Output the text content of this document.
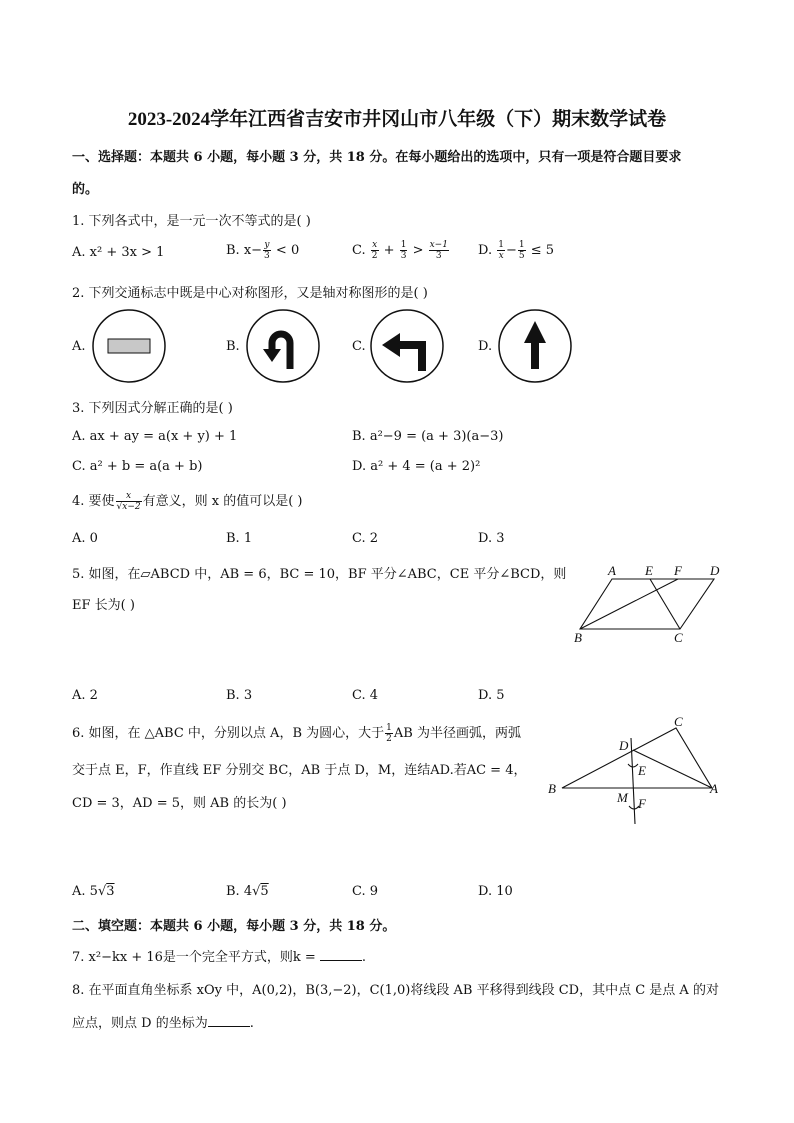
2023-2024学年江西省吉安市井冈山市八年级（下）期末数学试卷
一、选择题：本题共 6 小题，每小题 3 分，共 18 分。在每小题给出的选项中，只有一项是符合题目要求
的。
1. 下列各式中，是一元一次不等式的是( )
A. x² + 3x > 1	B. $x- \frac{y}{3} < 0$	C. $\frac{x}{2} + \frac{1}{3} > \frac{x-1}{3} D$. $\frac{1}{x} - \frac{1}{5} \le 5$
2. 下列交通标志中既是中心对称图形，又是轴对称图形的是( )
A.	B.	C.	D.
3. 下列因式分解正确的是( )
A. ax + ay = a(x + y) + 1	B. a²−9 = (a + 3)(a−3)
C. a² + b = a(a + b)	D. a² + 4 = (a + 2)²
4. 要使 $\frac{x}{√x-2}$ 有意义，则 x 的值可以是( )
A. 0	B. 1	C. 2	D. 3
5. 如图，在▱ABCD 中，AB = 6，BC = 10，BF 平分∠ABC，CE 平分∠BCD，则
EF 长为( )
A E F D
B	C
A. 2	B. 3	C. 4	D. 5
6. 如图，在 △ABC 中，分别以点 A，B 为圆心，大于 $\frac{1}{2}$ AB 为半径画弧，两弧
交于点 E，F，作直线 EF 分别交 BC，AB 于点 D，M，连结AD.若AC = 4，
CD = 3，AD = 5，则 AB 的长为( )
C
D
E
B	A
M F
A. 5√3	B. 4√5	C. 9	D. 10
二、填空题：本题共 6 小题，每小题 3 分，共 18 分。
7. x²−kx + 16是一个完全平方式，则k =	.
8. 在平面直角坐标系 xOy 中，A(0,2)，B(3,−2)，C(1,0)将线段 AB 平移得到线段 CD，其中点 C 是点 A 的对
应点，则点 D 的坐标为	.
